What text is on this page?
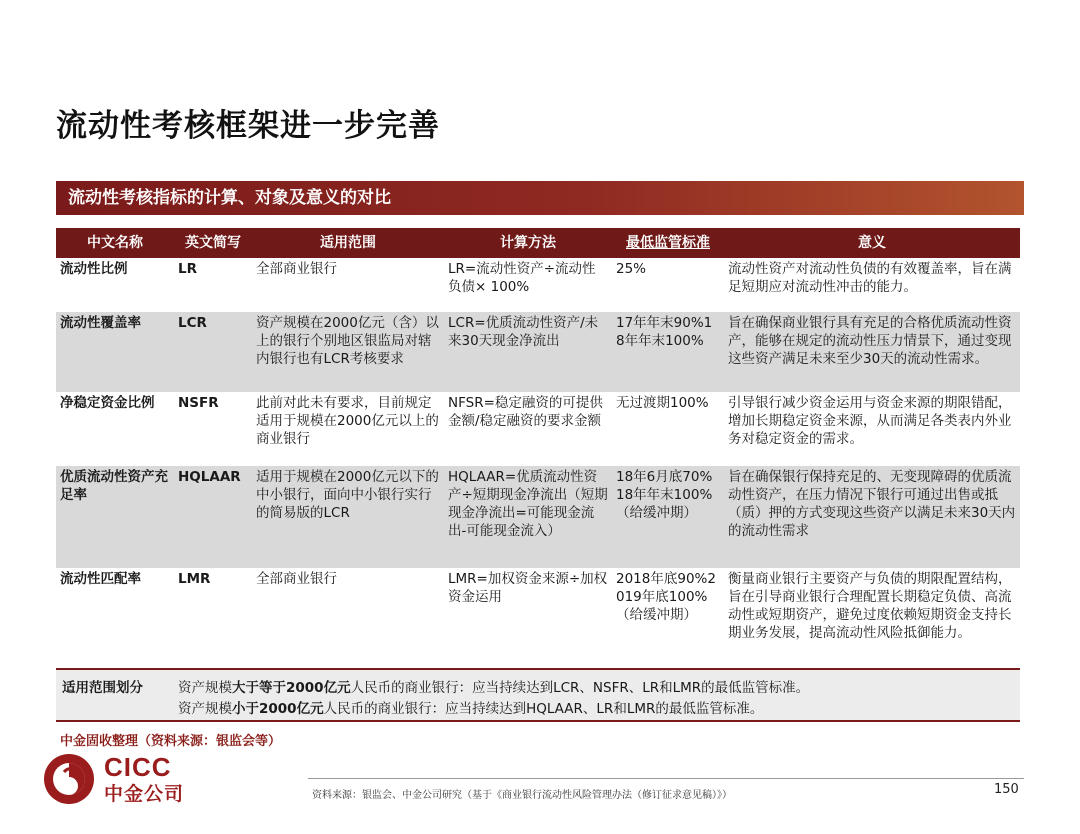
流动性考核框架进一步完善
流动性考核指标的计算、对象及意义的对比
中文名称	英文简写	适用范围	计算方法	最低监管标准	意义
流动性比例	LR	全部商业银行	LR=流动性资产÷流动性负债× 100%	25%	流动性资产对流动性负债的有效覆盖率，旨在满足短期应对流动性冲击的能力。
流动性覆盖率	LCR	资产规模在2000亿元（含）以上的银行个别地区银监局对辖内银行也有LCR考核要求	LCR=优质流动性资产/未来30天现金净流出	17年年末90%18年年末100%	旨在确保商业银行具有充足的合格优质流动性资产，能够在规定的流动性压力情景下，通过变现这些资产满足未来至少30天的流动性需求。
净稳定资金比例	NSFR	此前对此未有要求，目前规定适用于规模在2000亿元以上的商业银行	NFSR=稳定融资的可提供金额/稳定融资的要求金额	无过渡期100%	引导银行减少资金运用与资金来源的期限错配，增加长期稳定资金来源，从而满足各类表内外业务对稳定资金的需求。
优质流动性资产充足率	HQLAAR	适用于规模在2000亿元以下的中小银行，面向中小银行实行的简易版的LCR	HQLAAR=优质流动性资产÷短期现金净流出（短期现金净流出=可能现金流出-可能现金流入）	18年6月底70%18年年末100%（给缓冲期）	旨在确保银行保持充足的、无变现障碍的优质流动性资产，在压力情况下银行可通过出售或抵（质）押的方式变现这些资产以满足未来30天内的流动性需求
流动性匹配率	LMR	全部商业银行	LMR=加权资金来源÷加权资金运用	2018年底90%2019年底100%（给缓冲期）	衡量商业银行主要资产与负债的期限配置结构，旨在引导商业银行合理配置长期稳定负债、高流动性或短期资产，避免过度依赖短期资金支持长期业务发展，提高流动性风险抵御能力。
适用范围划分	资产规模大于等于2000亿元人民币的商业银行：应当持续达到LCR、NSFR、LR和LMR的最低监管标准。
资产规模小于2000亿元人民币的商业银行：应当持续达到HQLAAR、LR和LMR的最低监管标准。
中金固收整理（资料来源：银监会等）
CICC
中金公司	资料来源：银监会、中金公司研究（基于《商业银行流动性风险管理办法（修订征求意见稿）》）	150
